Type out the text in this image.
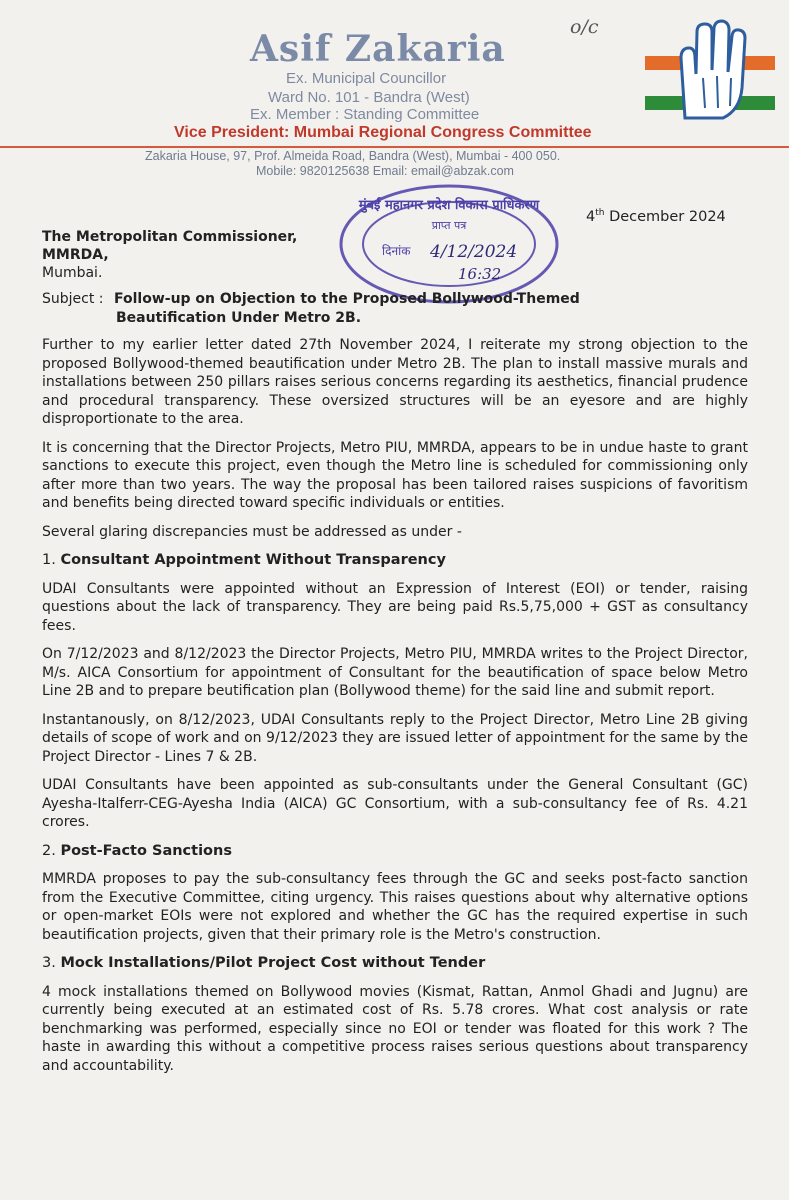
Asif Zakaria
Ex. Municipal Councillor
Ward No. 101 - Bandra (West)
Ex. Member : Standing Committee
Vice President: Mumbai Regional Congress Committee
Zakaria House, 97, Prof. Almeida Road, Bandra (West), Mumbai - 400 050.
Mobile: 9820125638 Email: email@abzak.com
o/c
4th December 2024
The Metropolitan Commissioner,
MMRDA,
Mumbai.
मुंबई महानगर प्रदेश विकास प्राधिकरण
प्राप्त पत्र
दिनांक 4/12/2024
16:32
Subject : Follow-up on Objection to the Proposed Bollywood-Themed
Beautification Under Metro 2B.

Further to my earlier letter dated 27th November 2024, I reiterate my strong objection to the proposed Bollywood-themed beautification under Metro 2B. The plan to install massive murals and installations between 250 pillars raises serious concerns regarding its aesthetics, financial prudence and procedural transparency. These oversized structures will be an eyesore and are highly disproportionate to the area.

It is concerning that the Director Projects, Metro PIU, MMRDA, appears to be in undue haste to grant sanctions to execute this project, even though the Metro line is scheduled for commissioning only after more than two years. The way the proposal has been tailored raises suspicions of favoritism and benefits being directed toward specific individuals or entities.

Several glaring discrepancies must be addressed as under -

1. Consultant Appointment Without Transparency

UDAI Consultants were appointed without an Expression of Interest (EOI) or tender, raising questions about the lack of transparency. They are being paid Rs.5,75,000 + GST as consultancy fees.

On 7/12/2023 and 8/12/2023 the Director Projects, Metro PIU, MMRDA writes to the Project Director, M/s. AICA Consortium for appointment of Consultant for the beautification of space below Metro Line 2B and to prepare beutification plan (Bollywood theme) for the said line and submit report.

Instantanously, on 8/12/2023, UDAI Consultants reply to the Project Director, Metro Line 2B giving details of scope of work and on 9/12/2023 they are issued letter of appointment for the same by the Project Director - Lines 7 & 2B.

UDAI Consultants have been appointed as sub-consultants under the General Consultant (GC) Ayesha-Italferr-CEG-Ayesha India (AICA) GC Consortium, with a sub-consultancy fee of Rs. 4.21 crores.

2. Post-Facto Sanctions

MMRDA proposes to pay the sub-consultancy fees through the GC and seeks post-facto sanction from the Executive Committee, citing urgency. This raises questions about why alternative options or open-market EOIs were not explored and whether the GC has the required expertise in such beautification projects, given that their primary role is the Metro's construction.

3. Mock Installations/Pilot Project Cost without Tender

4 mock installations themed on Bollywood movies (Kismat, Rattan, Anmol Ghadi and Jugnu) are currently being executed at an estimated cost of Rs. 5.78 crores. What cost analysis or rate benchmarking was performed, especially since no EOI or tender was floated for this work ? The haste in awarding this without a competitive process raises serious questions about transparency and accountability.
